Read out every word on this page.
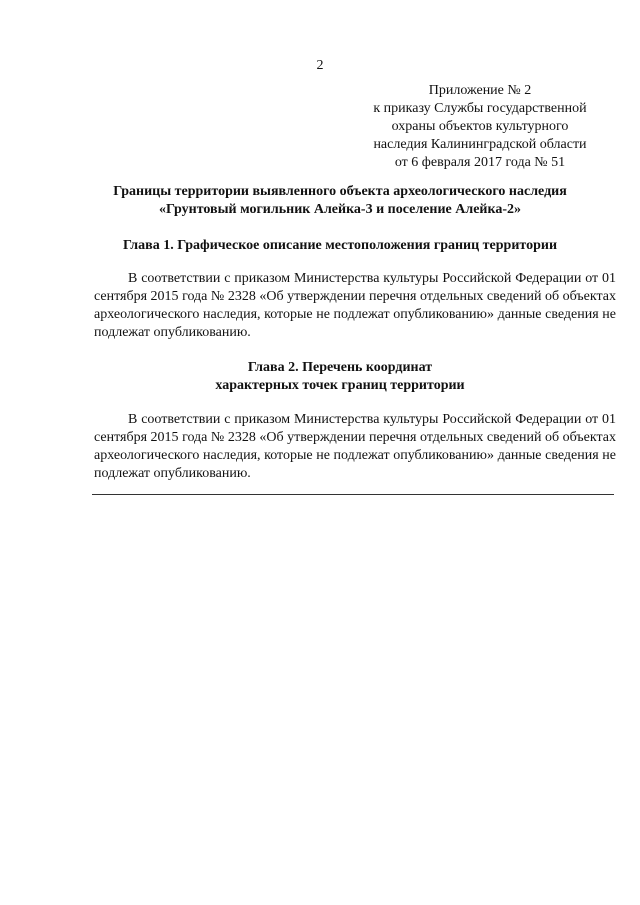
2
Приложение № 2
к приказу Службы государственной
охраны объектов культурного
наследия Калининградской области
от 6 февраля 2017 года № 51
Границы территории выявленного объекта археологического наследия
«Грунтовый могильник Алейка-3 и поселение Алейка-2»
Глава 1. Графическое описание местоположения границ территории
В соответствии с приказом Министерства культуры Российской Федерации от 01 сентября 2015 года № 2328 «Об утверждении перечня отдельных сведений об объектах археологического наследия, которые не подлежат опубликованию» данные сведения не подлежат опубликованию.
Глава 2. Перечень координат
характерных точек границ территории
В соответствии с приказом Министерства культуры Российской Федерации от 01 сентября 2015 года № 2328 «Об утверждении перечня отдельных сведений об объектах археологического наследия, которые не подлежат опубликованию» данные сведения не подлежат опубликованию.
